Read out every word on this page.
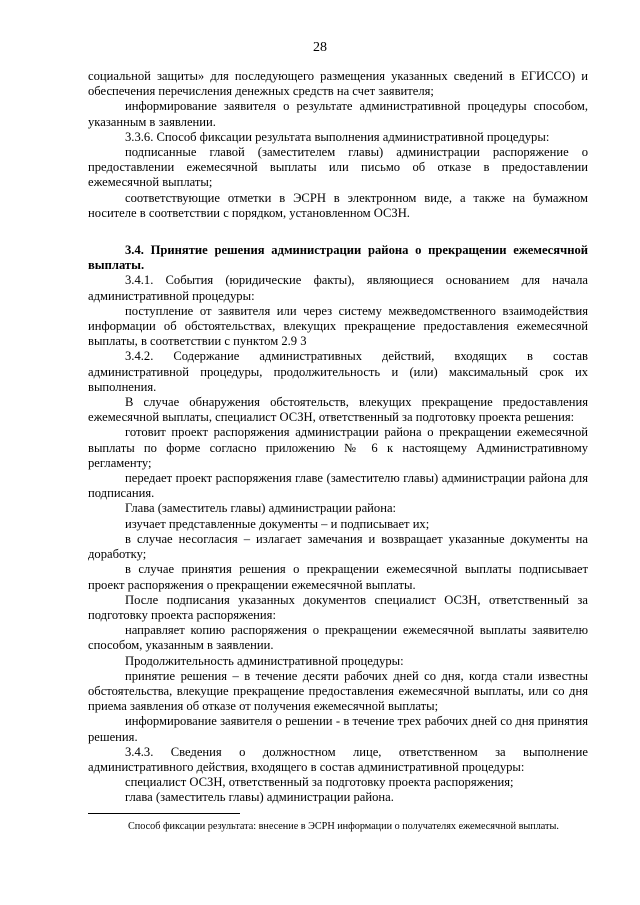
28

социальной защиты» для последующего размещения указанных сведений в ЕГИССО) и обеспечения перечисления денежных средств на счет заявителя;

информирование заявителя о результате административной процедуры способом, указанным в заявлении.

3.3.6. Способ фиксации результата выполнения административной процедуры:

подписанные главой (заместителем главы) администрации распоряжение о предоставлении ежемесячной выплаты или письмо об отказе в предоставлении ежемесячной выплаты;

соответствующие отметки в ЭСРН в электронном виде, а также на бумажном носителе в соответствии с порядком, установленном ОСЗН.

3.4. Принятие решения администрации района о прекращении ежемесячной выплаты.

3.4.1. События (юридические факты), являющиеся основанием для начала административной процедуры:

поступление от заявителя или через систему межведомственного взаимодействия информации об обстоятельствах, влекущих прекращение предоставления ежемесячной выплаты, в соответствии с пунктом 2.9 3

3.4.2. Содержание административных действий, входящих в состав административной процедуры, продолжительность и (или) максимальный срок их выполнения.

В случае обнаружения обстоятельств, влекущих прекращение предоставления ежемесячной выплаты, специалист ОСЗН, ответственный за подготовку проекта решения:

готовит проект распоряжения администрации района о прекращении ежемесячной выплаты по форме согласно приложению № 6 к настоящему Административному регламенту;

передает проект распоряжения главе (заместителю главы) администрации района для подписания.

Глава (заместитель главы) администрации района:

изучает представленные документы – и подписывает их;

в случае несогласия – излагает замечания и возвращает указанные документы на доработку;

в случае принятия решения о прекращении ежемесячной выплаты подписывает проект распоряжения о прекращении ежемесячной выплаты.

После подписания указанных документов специалист ОСЗН, ответственный за подготовку проекта распоряжения:

направляет копию распоряжения о прекращении ежемесячной выплаты заявителю способом, указанным в заявлении.

Продолжительность административной процедуры:

принятие решения – в течение десяти рабочих дней со дня, когда стали известны обстоятельства, влекущие прекращение предоставления ежемесячной выплаты, или со дня приема заявления об отказе от получения ежемесячной выплаты;

информирование заявителя о решении - в течение трех рабочих дней со дня принятия решения.

3.4.3. Сведения о должностном лице, ответственном за выполнение административного действия, входящего в состав административной процедуры:

специалист ОСЗН, ответственный за подготовку проекта распоряжения;

глава (заместитель главы) администрации района.

Способ фиксации результата: внесение в ЭСРН информации о получателях ежемесячной выплаты.
